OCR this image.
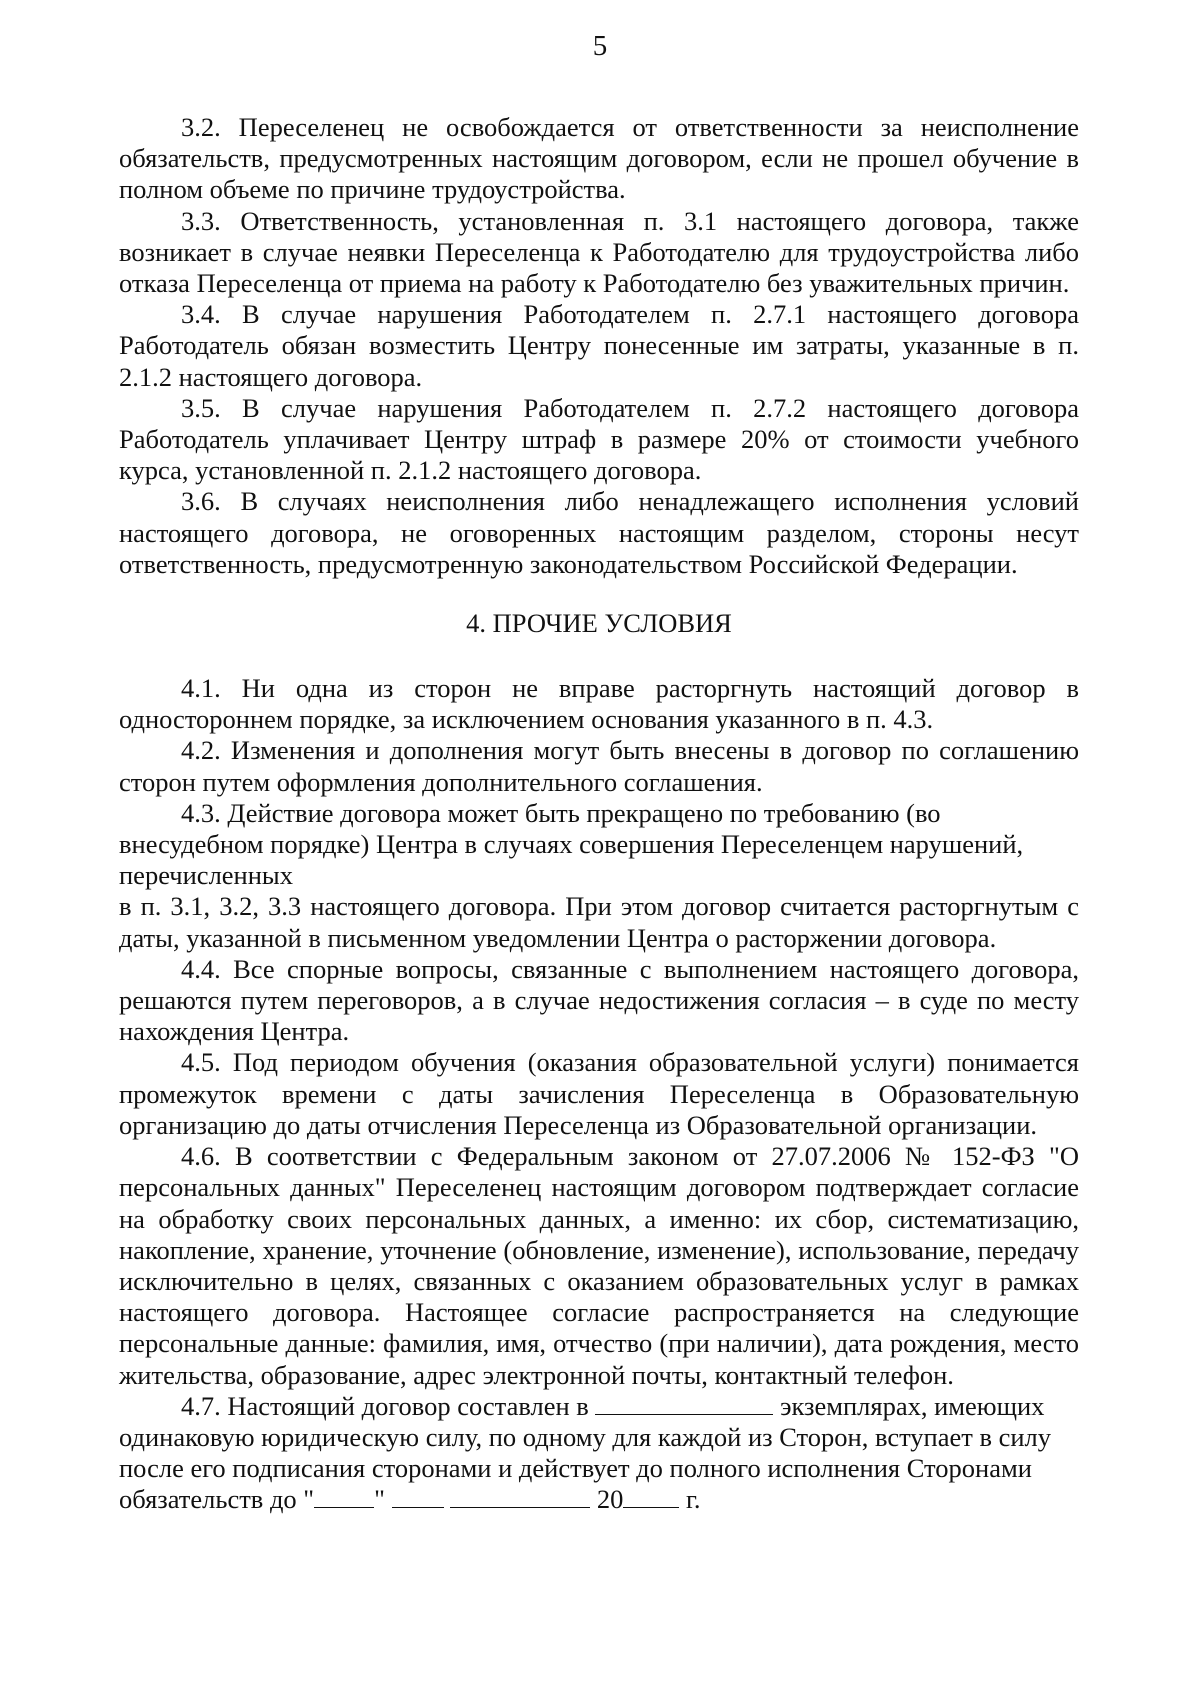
5

3.2. Переселенец не освобождается от ответственности за неисполнение обязательств, предусмотренных настоящим договором, если не прошел обучение в полном объеме по причине трудоустройства.

3.3. Ответственность, установленная п. 3.1 настоящего договора, также возникает в случае неявки Переселенца к Работодателю для трудоустройства либо отказа Переселенца от приема на работу к Работодателю без уважительных причин.

3.4. В случае нарушения Работодателем п. 2.7.1 настоящего договора Работодатель обязан возместить Центру понесенные им затраты, указанные в п. 2.1.2 настоящего договора.

3.5. В случае нарушения Работодателем п. 2.7.2 настоящего договора Работодатель уплачивает Центру штраф в размере 20% от стоимости учебного курса, установленной п. 2.1.2 настоящего договора.

3.6. В случаях неисполнения либо ненадлежащего исполнения условий настоящего договора, не оговоренных настоящим разделом, стороны несут ответственность, предусмотренную законодательством Российской Федерации.

4. ПРОЧИЕ УСЛОВИЯ

4.1. Ни одна из сторон не вправе расторгнуть настоящий договор в одностороннем порядке, за исключением основания указанного в п. 4.3.

4.2. Изменения и дополнения могут быть внесены в договор по соглашению сторон путем оформления дополнительного соглашения.

4.3. Действие договора может быть прекращено по требованию (во внесудебном порядке) Центра в случаях совершения Переселенцем нарушений, перечисленных

в п. 3.1, 3.2, 3.3 настоящего договора. При этом договор считается расторгнутым с даты, указанной в письменном уведомлении Центра о расторжении договора.

4.4. Все спорные вопросы, связанные с выполнением настоящего договора, решаются путем переговоров, а в случае недостижения согласия – в суде по месту нахождения Центра.

4.5. Под периодом обучения (оказания образовательной услуги) понимается промежуток времени с даты зачисления Переселенца в Образовательную организацию до даты отчисления Переселенца из Образовательной организации.

4.6. В соответствии с Федеральным законом от 27.07.2006 № 152-ФЗ "О персональных данных" Переселенец настоящим договором подтверждает согласие на обработку своих персональных данных, а именно: их сбор, систематизацию, накопление, хранение, уточнение (обновление, изменение), использование, передачу исключительно в целях, связанных с оказанием образовательных услуг в рамках настоящего договора. Настоящее согласие распространяется на следующие персональные данные: фамилия, имя, отчество (при наличии), дата рождения, место жительства, образование, адрес электронной почты, контактный телефон.

4.7. Настоящий договор составлен в	экземплярах, имеющих одинаковую юридическую силу, по одному для каждой из Сторон, вступает в силу после его подписания сторонами и действует до полного исполнения Сторонами обязательств до " "	20 г.
